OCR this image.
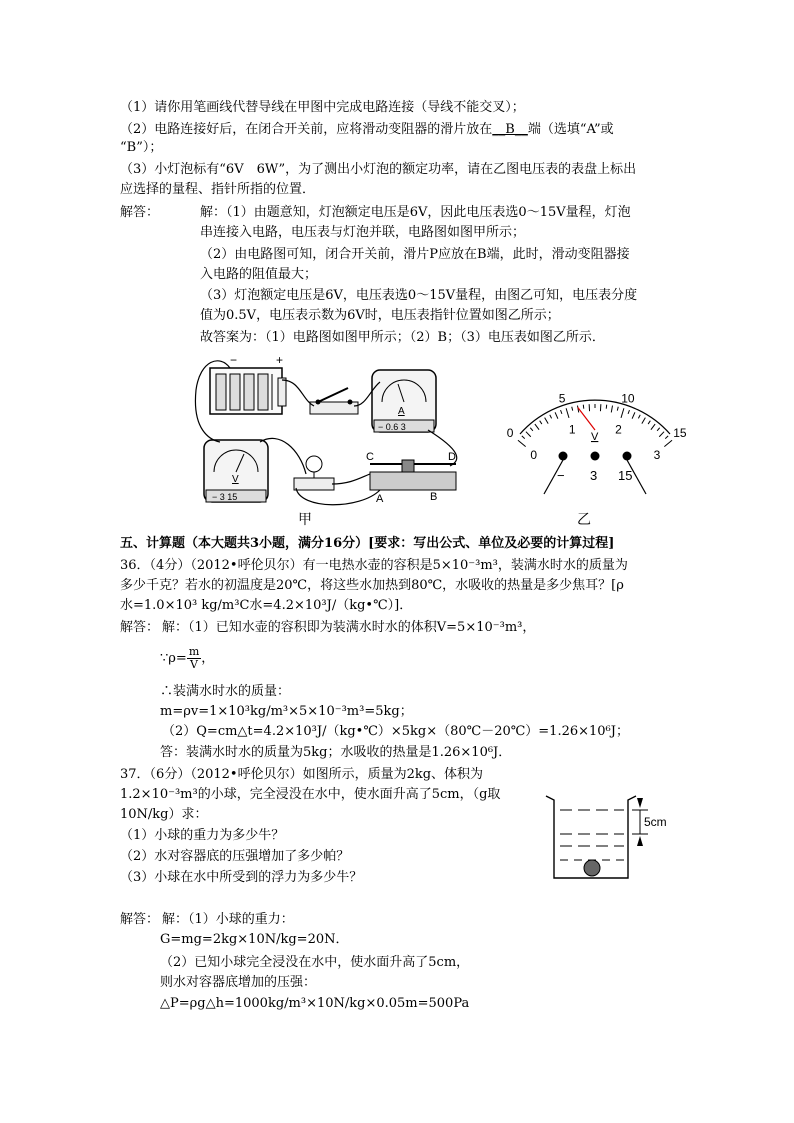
（1）请你用笔画线代替导线在甲图中完成电路连接（导线不能交叉）；
（2）电路连接好后，在闭合开关前，应将滑动变阻器的滑片放在__B__端（选填“A”或
“B”）；
（3）小灯泡标有“6V　6W”，为了测出小灯泡的额定功率，请在乙图电压表的表盘上标出
应选择的量程、指针所指的位置．
解答：	解：（1）由题意知，灯泡额定电压是6V，因此电压表选0～15V量程，灯泡
串连接入电路，电压表与灯泡并联，电路图如图甲所示；
（2）由电路图可知，闭合开关前，滑片P应放在B端，此时，滑动变阻器接
入电路的阻值最大；
（3）灯泡额定电压是6V，电压表选0～15V量程，由图乙可知，电压表分度
值为0.5V，电压表示数为6V时，电压表指针位置如图乙所示；
故答案为：（1）电路图如图甲所示；（2）B；（3）电压表如图乙所示．
−	+
A
− 0.6 3
V
− 3 15
C	D
A	B
甲
0
5	10
15
0
1	2
3
V
− 3 15
乙
五、计算题（本大题共3小题，满分16分）[要求：写出公式、单位及必要的计算过程]
36．（4分）（2012•呼伦贝尔）有一电热水壶的容积是5×10⁻³m³，装满水时水的质量为
多少千克？若水的初温度是20℃，将这些水加热到80℃，水吸收的热量是多少焦耳？[ρ
水=1.0×10³ kg/m³C水=4.2×10³J/（kg•℃）]．
解答： 解：（1）已知水壶的容积即为装满水时水的体积V=5×10⁻³m³，
∵ρ= $\frac{m}{V}$ ，
∴装满水时水的质量：
m=ρv=1×10³kg/m³×5×10⁻³m³=5kg；
（2）Q=cm△t=4.2×10³J/（kg•℃）×5kg×（80℃－20℃）=1.26×10⁶J；
答：装满水时水的质量为5kg；水吸收的热量是1.26×10⁶J．
37．（6分）（2012•呼伦贝尔）如图所示，质量为2kg、体积为
1.2×10⁻³m³的小球，完全浸没在水中，使水面升高了5cm，（g取
10N/kg）求：
（1）小球的重力为多少牛？
（2）水对容器底的压强增加了多少帕？
（3）小球在水中所受到的浮力为多少牛？
5cm
解答： 解：（1）小球的重力：
G=mg=2kg×10N/kg=20N．
（2）已知小球完全浸没在水中，使水面升高了5cm，
则水对容器底增加的压强：
△P=ρg△h=1000kg/m³×10N/kg×0.05m=500Pa
